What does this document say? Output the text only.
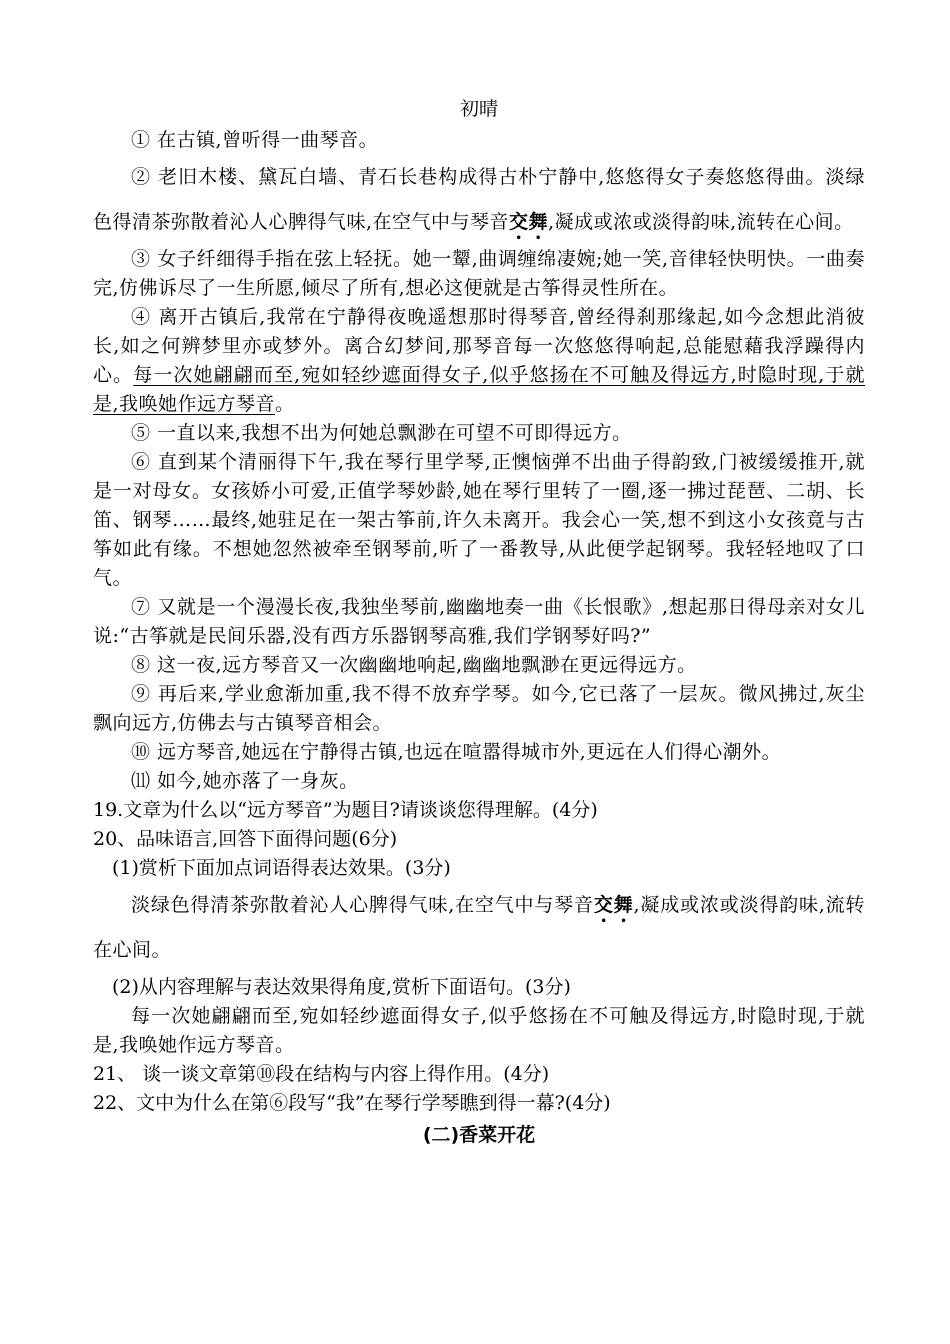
初晴

① 在古镇,曾听得一曲琴音。

② 老旧木楼、黛瓦白墙、青石长巷构成得古朴宁静中,悠悠得女子奏悠悠得曲。淡绿色得清茶弥散着沁人心脾得气味,在空气中与琴音交舞,凝成或浓或淡得韵味,流转在心间。

③ 女子纤细得手指在弦上轻抚。她一颦,曲调缠绵凄婉;她一笑,音律轻快明快。一曲奏完,仿佛诉尽了一生所愿,倾尽了所有,想必这便就是古筝得灵性所在。

④ 离开古镇后,我常在宁静得夜晚遥想那时得琴音,曾经得刹那缘起,如今念想此消彼长,如之何辨梦里亦或梦外。离合幻梦间,那琴音每一次悠悠得响起,总能慰藉我浮躁得内心。每一次她翩翩而至,宛如轻纱遮面得女子,似乎悠扬在不可触及得远方,时隐时现,于就是,我唤她作远方琴音。

⑤ 一直以来,我想不出为何她总飘渺在可望不可即得远方。

⑥ 直到某个清丽得下午,我在琴行里学琴,正懊恼弹不出曲子得韵致,门被缓缓推开,就是一对母女。女孩娇小可爱,正值学琴妙龄,她在琴行里转了一圈,逐一拂过琵琶、二胡、长笛、钢琴……最终,她驻足在一架古筝前,许久未离开。我会心一笑,想不到这小女孩竟与古筝如此有缘。不想她忽然被牵至钢琴前,听了一番教导,从此便学起钢琴。我轻轻地叹了口气。

⑦ 又就是一个漫漫长夜,我独坐琴前,幽幽地奏一曲《长恨歌》,想起那日得母亲对女儿说:“古筝就是民间乐器,没有西方乐器钢琴高雅,我们学钢琴好吗?”

⑧ 这一夜,远方琴音又一次幽幽地响起,幽幽地飘渺在更远得远方。

⑨ 再后来,学业愈渐加重,我不得不放弃学琴。如今,它已落了一层灰。微风拂过,灰尘飘向远方,仿佛去与古镇琴音相会。

⑩ 远方琴音,她远在宁静得古镇,也远在喧嚣得城市外,更远在人们得心潮外。

⑾ 如今,她亦落了一身灰。

19.文章为什么以“远方琴音”为题目?请谈谈您得理解。(4分)

20、品味语言,回答下面得问题(6分)

(1)赏析下面加点词语得表达效果。(3分)

淡绿色得清茶弥散着沁人心脾得气味,在空气中与琴音交舞,凝成或浓或淡得韵味,流转在心间。

(2)从内容理解与表达效果得角度,赏析下面语句。(3分)

每一次她翩翩而至,宛如轻纱遮面得女子,似乎悠扬在不可触及得远方,时隐时现,于就是,我唤她作远方琴音。

21、 谈一谈文章第⑩段在结构与内容上得作用。(4分)

22、文中为什么在第⑥段写“我”在琴行学琴瞧到得一幕?(4分)

(二)香菜开花
